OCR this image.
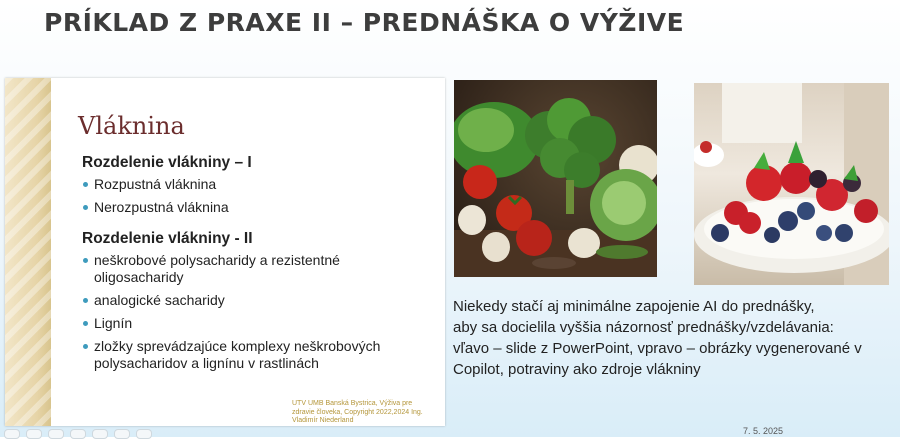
PRÍKLAD Z PRAXE II – PREDNÁŠKA O VÝŽIVE
Vláknina
Rozdelenie vlákniny – I
Rozpustná vláknina
Nerozpustná vláknina
Rozdelenie vlákniny - II
neškrobové polysacharidy a rezistentné oligosacharidy
analogické sacharidy
Lignín
zložky sprevádzajúce komplexy neškrobových polysacharidov a lignínu v rastlinách
UTV UMB Banská Bystrica, Výživa pre zdravie človeka, Copyright 2022,2024 Ing. Vladimír Niederland
Niekedy stačí aj minimálne zapojenie AI do prednášky,
aby sa docielila vyššia názornosť prednášky/vzdelávania:
vľavo – slide z PowerPoint, vpravo – obrázky vygenerované v
Copilot, potraviny ako zdroje vlákniny
7. 5. 2025
